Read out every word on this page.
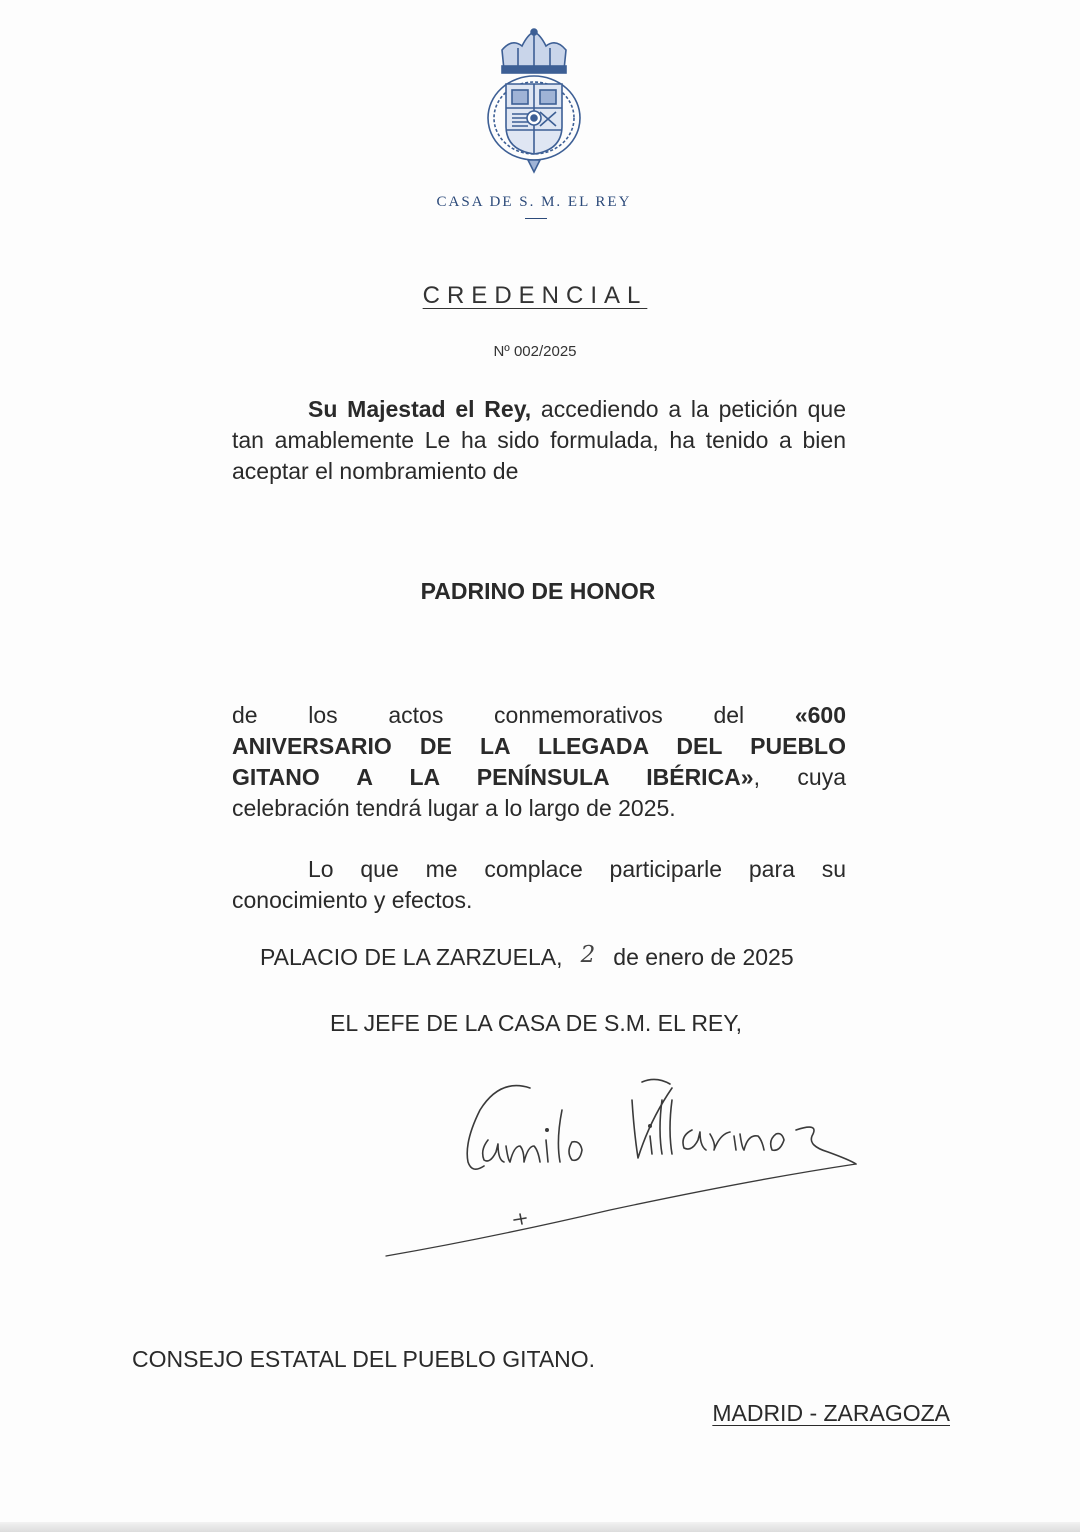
CASA DE S. M. EL REY
CREDENCIAL
Nº 002/2025
Su Majestad el Rey, accediendo a la petición que tan amablemente Le ha sido formulada, ha tenido a bien aceptar el nombramiento de
PADRINO DE HONOR
de los actos conmemorativos del «600
ANIVERSARIO DE LA LLEGADA DEL PUEBLO
GITANO A LA PENÍNSULA IBÉRICA», cuya
celebración tendrá lugar a lo largo de 2025.
Lo que me complace participarle para su conocimiento y efectos.
PALACIO DE LA ZARZUELA, 2 de enero de 2025
EL JEFE DE LA CASA DE S.M. EL REY,
CONSEJO ESTATAL DEL PUEBLO GITANO.
MADRID - ZARAGOZA
